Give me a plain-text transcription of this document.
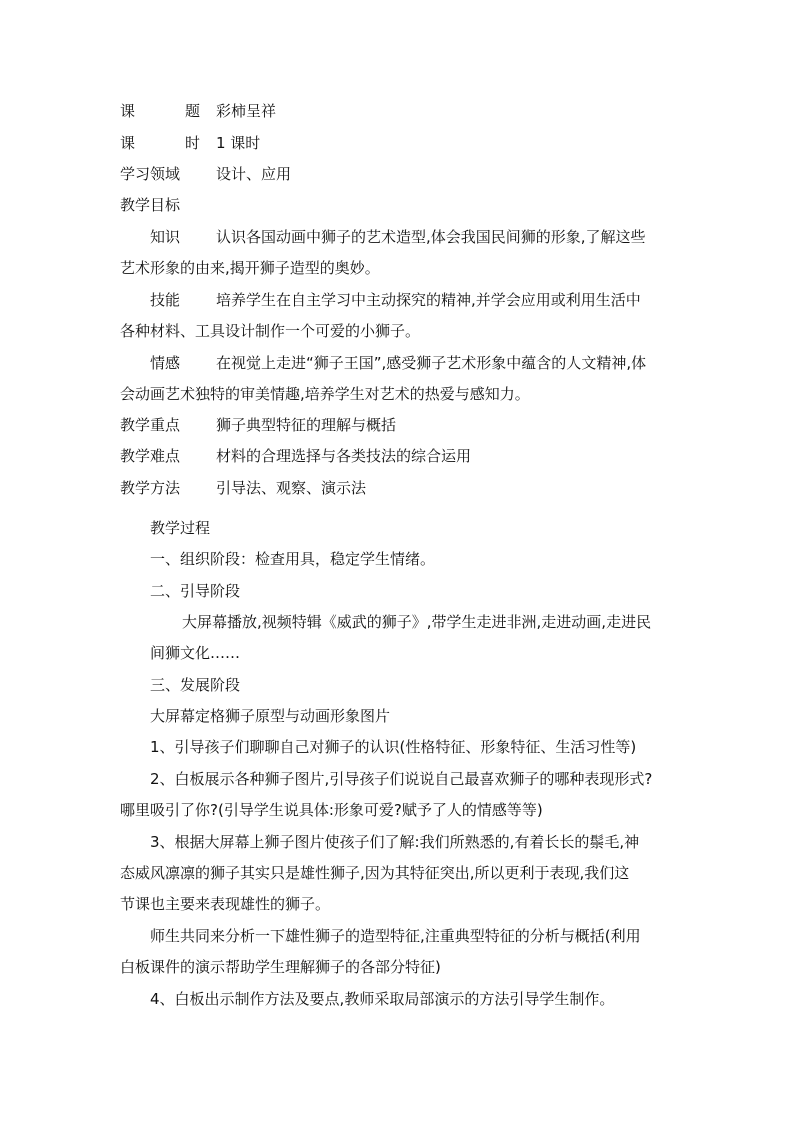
课	题 彩柿呈祥
课	时 1 课时
学习领域	设计、应用
教学目标
知识	认识各国动画中狮子的艺术造型,体会我国民间狮的形象,了解这些
艺术形象的由来,揭开狮子造型的奥妙。
技能	培养学生在自主学习中主动探究的精神,并学会应用或利用生活中
各种材料、工具设计制作一个可爱的小狮子。
情感	在视觉上走进“狮子王国”,感受狮子艺术形象中蕴含的人文精神,体
会动画艺术独特的审美情趣,培养学生对艺术的热爱与感知力。
教学重点	狮子典型特征的理解与概括
教学难点	材料的合理选择与各类技法的综合运用
教学方法	引导法、观察、演示法
教学过程
一、组织阶段：检查用具，稳定学生情绪。
二、引导阶段
大屏幕播放,视频特辑《威武的狮子》,带学生走进非洲,走进动画,走进民
间狮文化……
三、发展阶段
大屏幕定格狮子原型与动画形象图片
1、引导孩子们聊聊自己对狮子的认识(性格特征、形象特征、生活习性等)
2、白板展示各种狮子图片,引导孩子们说说自己最喜欢狮子的哪种表现形式?
哪里吸引了你?(引导学生说具体:形象可爱?赋予了人的情感等等)
3、根据大屏幕上狮子图片使孩子们了解:我们所熟悉的,有着长长的鬃毛,神
态威风凛凛的狮子其实只是雄性狮子,因为其特征突出,所以更利于表现,我们这
节课也主要来表现雄性的狮子。
师生共同来分析一下雄性狮子的造型特征,注重典型特征的分析与概括(利用
白板课件的演示帮助学生理解狮子的各部分特征)
4、白板出示制作方法及要点,教师采取局部演示的方法引导学生制作。
